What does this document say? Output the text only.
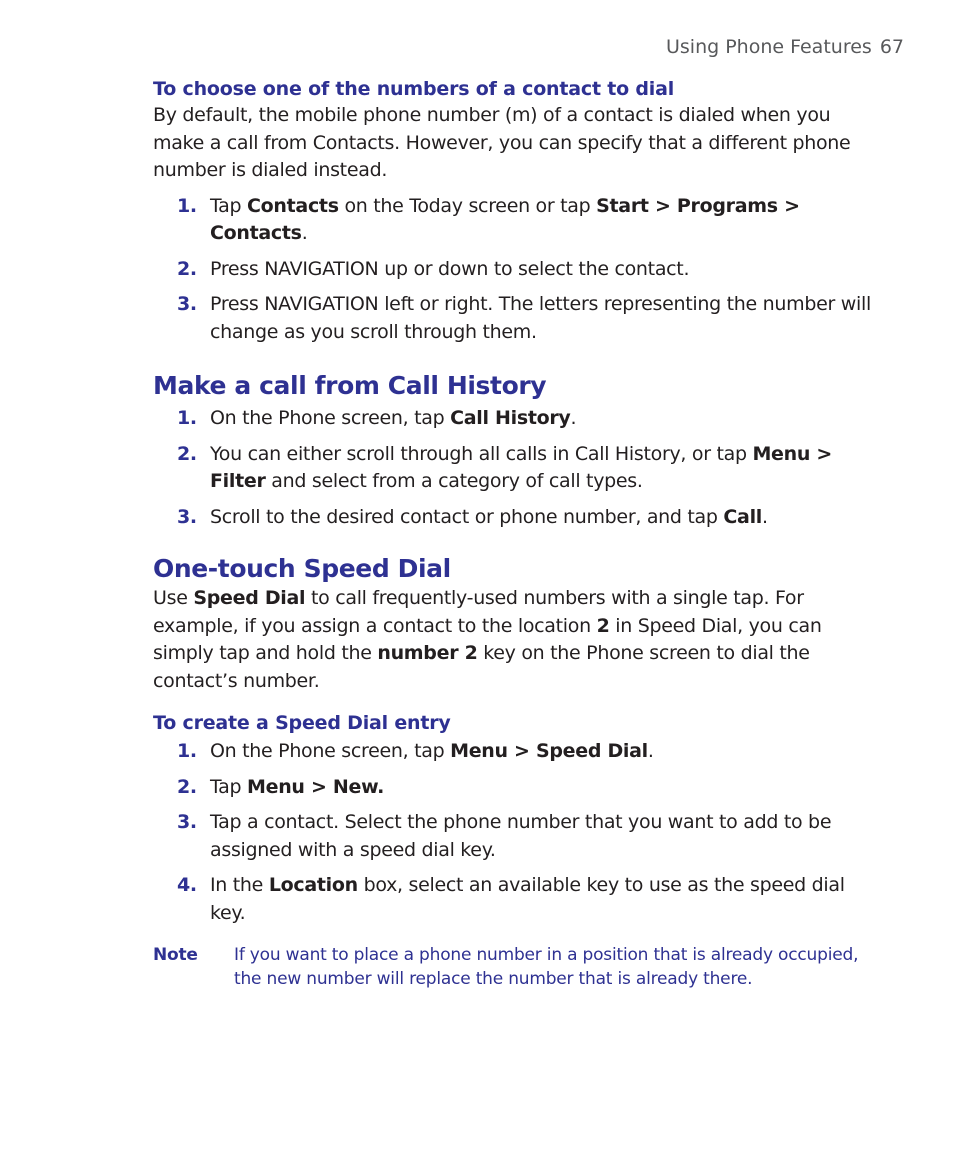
Using Phone Features 67
To choose one of the numbers of a contact to dial

By default, the mobile phone number (m) of a contact is dialed when you make a call from Contacts. However, you can specify that a different phone number is dialed instead.

1. Tap Contacts on the Today screen or tap Start > Programs > Contacts.
2. Press NAVIGATION up or down to select the contact.
3. Press NAVIGATION left or right. The letters representing the number will change as you scroll through them.
Make a call from Call History
1. On the Phone screen, tap Call History.
2. You can either scroll through all calls in Call History, or tap Menu > Filter and select from a category of call types.
3. Scroll to the desired contact or phone number, and tap Call.
One-touch Speed Dial

Use Speed Dial to call frequently-used numbers with a single tap. For example, if you assign a contact to the location 2 in Speed Dial, you can simply tap and hold the number 2 key on the Phone screen to dial the contact’s number.

To create a Speed Dial entry
1. On the Phone screen, tap Menu > Speed Dial.
2. Tap Menu > New.
3. Tap a contact. Select the phone number that you want to add to be assigned with a speed dial key.
4. In the Location box, select an available key to use as the speed dial key.
Note If you want to place a phone number in a position that is already occupied, the new number will replace the number that is already there.
